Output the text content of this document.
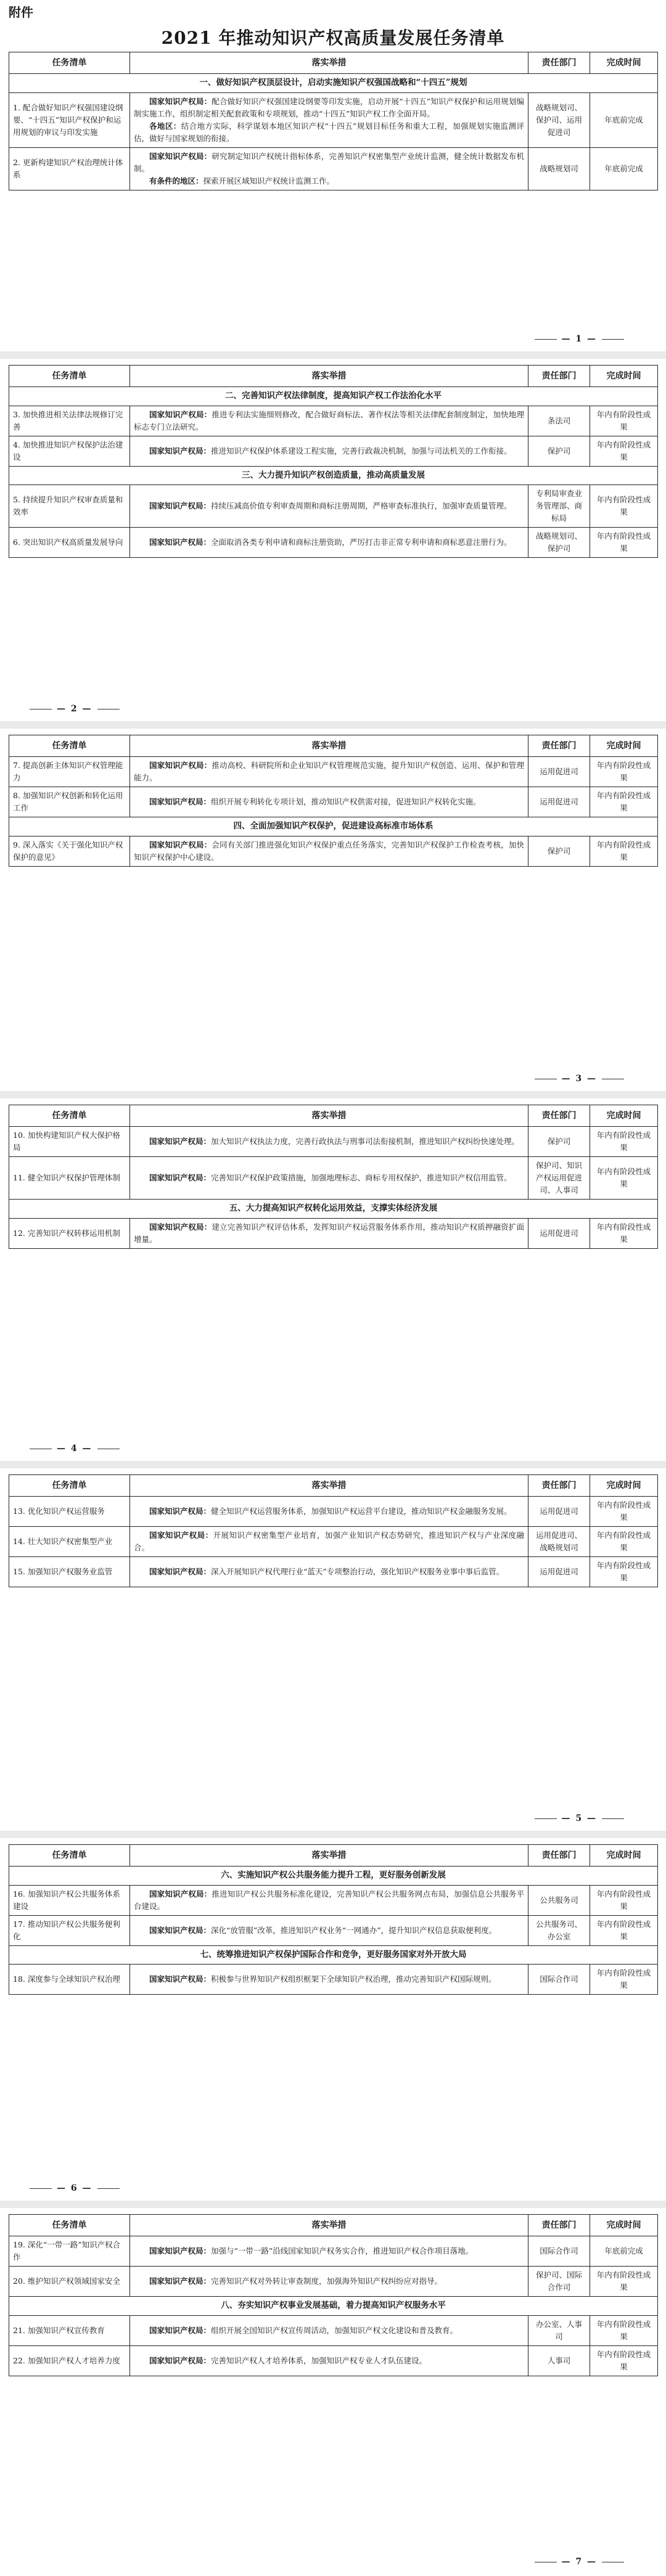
附件
2021 年推动知识产权高质量发展任务清单
任务清单	落实举措	责任部门	完成时间
一、做好知识产权顶层设计，启动实施知识产权强国战略和“十四五”规划			
1. 配合做好知识产权强国建设纲要、“十四五”知识产权保护和运用规划的审议与印发实施	国家知识产权局：配合做好知识产权强国建设纲要等印发实施，启动开展“十四五”知识产权保护和运用规划编制实施工作，组织制定相关配套政策和专项规划，推动“十四五”知识产权工作全面开局。

各地区：结合地方实际，科学谋划本地区知识产权“十四五”规划目标任务和重大工程，加强规划实施监测评估，做好与国家规划的衔接。	战略规划司、保护司、运用促进司	年底前完成
2. 更新构建知识产权治理统计体系	国家知识产权局：研究制定知识产权统计指标体系，完善知识产权密集型产业统计监测，健全统计数据发布机制。

有条件的地区：探索开展区域知识产权统计监测工作。	战略规划司	年底前完成
— 1 —
任务清单	落实举措	责任部门	完成时间
二、完善知识产权法律制度，提高知识产权工作法治化水平			
3. 加快推进相关法律法规修订完善	国家知识产权局：推进专利法实施细则修改，配合做好商标法、著作权法等相关法律配套制度制定，加快地理标志专门立法研究。	条法司	年内有阶段性成果
4. 加快推进知识产权保护法治建设	国家知识产权局：推进知识产权保护体系建设工程实施，完善行政裁决机制，加强与司法机关的工作衔接。	保护司	年内有阶段性成果
三、大力提升知识产权创造质量，推动高质量发展			
5. 持续提升知识产权审查质量和效率	国家知识产权局：持续压减高价值专利审查周期和商标注册周期，严格审查标准执行，加强审查质量管理。	专利局审查业务管理部、商标局	年内有阶段性成果
6. 突出知识产权高质量发展导向	国家知识产权局：全面取消各类专利申请和商标注册资助，严厉打击非正常专利申请和商标恶意注册行为。	战略规划司、保护司	年内有阶段性成果
— 2 —
任务清单	落实举措	责任部门	完成时间
7. 提高创新主体知识产权管理能力	国家知识产权局：推动高校、科研院所和企业知识产权管理规范实施，提升知识产权创造、运用、保护和管理能力。	运用促进司	年内有阶段性成果
8. 加强知识产权创新和转化运用工作	国家知识产权局：组织开展专利转化专项计划，推动知识产权供需对接，促进知识产权转化实施。	运用促进司	年内有阶段性成果
四、全面加强知识产权保护，促进建设高标准市场体系			
9. 深入落实《关于强化知识产权保护的意见》	国家知识产权局：会同有关部门推进强化知识产权保护重点任务落实，完善知识产权保护工作检查考核，加快知识产权保护中心建设。	保护司	年内有阶段性成果
— 3 —
任务清单	落实举措	责任部门	完成时间
10. 加快构建知识产权大保护格局	国家知识产权局：加大知识产权执法力度，完善行政执法与刑事司法衔接机制，推进知识产权纠纷快速处理。	保护司	年内有阶段性成果
11. 健全知识产权保护管理体制	国家知识产权局：完善知识产权保护政策措施，加强地理标志、商标专用权保护，推进知识产权信用监管。	保护司、知识产权运用促进司、人事司	年内有阶段性成果
五、大力提高知识产权转化运用效益，支撑实体经济发展			
12. 完善知识产权转移运用机制	国家知识产权局：建立完善知识产权评估体系，发挥知识产权运营服务体系作用，推动知识产权质押融资扩面增量。	运用促进司	年内有阶段性成果
— 4 —
任务清单	落实举措	责任部门	完成时间
13. 优化知识产权运营服务	国家知识产权局：健全知识产权运营服务体系，加强知识产权运营平台建设，推动知识产权金融服务发展。	运用促进司	年内有阶段性成果
14. 壮大知识产权密集型产业	国家知识产权局：开展知识产权密集型产业培育，加强产业知识产权态势研究，推进知识产权与产业深度融合。	运用促进司、战略规划司	年内有阶段性成果
15. 加强知识产权服务业监管	国家知识产权局：深入开展知识产权代理行业“蓝天”专项整治行动，强化知识产权服务业事中事后监管。	运用促进司	年内有阶段性成果
— 5 —
任务清单	落实举措	责任部门	完成时间
六、实施知识产权公共服务能力提升工程，更好服务创新发展			
16. 加强知识产权公共服务体系建设	国家知识产权局：推进知识产权公共服务标准化建设，完善知识产权公共服务网点布局，加强信息公共服务平台建设。	公共服务司	年内有阶段性成果
17. 推动知识产权公共服务便利化	国家知识产权局：深化“放管服”改革，推进知识产权业务“一网通办”，提升知识产权信息获取便利度。	公共服务司、办公室	年内有阶段性成果
七、统筹推进知识产权保护国际合作和竞争，更好服务国家对外开放大局			
18. 深度参与全球知识产权治理	国家知识产权局：积极参与世界知识产权组织框架下全球知识产权治理，推动完善知识产权国际规则。	国际合作司	年内有阶段性成果
— 6 —
任务清单	落实举措	责任部门	完成时间
19. 深化“一带一路”知识产权合作	国家知识产权局：加强与“一带一路”沿线国家知识产权务实合作，推进知识产权合作项目落地。	国际合作司	年底前完成
20. 维护知识产权领域国家安全	国家知识产权局：完善知识产权对外转让审查制度，加强海外知识产权纠纷应对指导。	保护司、国际合作司	年内有阶段性成果
八、夯实知识产权事业发展基础，着力提高知识产权服务水平			
21. 加强知识产权宣传教育	国家知识产权局：组织开展全国知识产权宣传周活动，加强知识产权文化建设和普及教育。	办公室、人事司	年内有阶段性成果
22. 加强知识产权人才培养力度	国家知识产权局：完善知识产权人才培养体系，加强知识产权专业人才队伍建设。	人事司	年内有阶段性成果
— 7 —
